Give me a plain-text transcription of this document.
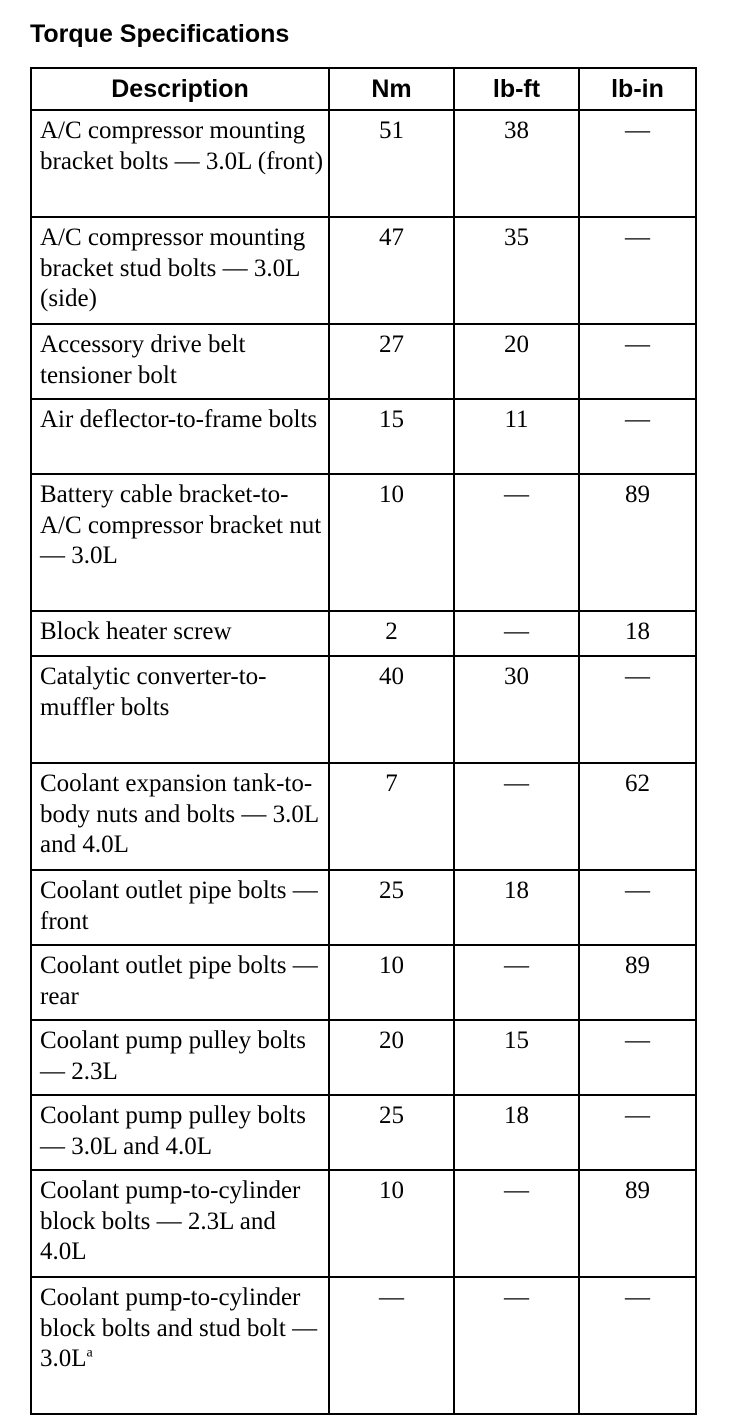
Torque Specifications
Description	Nm	lb-ft	lb-in
A/C compressor mounting bracket bolts — 3.0L (front)	51	38	—
A/C compressor mounting bracket stud bolts — 3.0L (side)	47	35	—
Accessory drive belt tensioner bolt	27	20	—
Air deflector-to-frame bolts	15	11	—
Battery cable bracket-to-A/C compressor bracket nut — 3.0L	10	—	89
Block heater screw	2	—	18
Catalytic converter-to-muffler bolts	40	30	—
Coolant expansion tank-to-body nuts and bolts — 3.0L and 4.0L	7	—	62
Coolant outlet pipe bolts — front	25	18	—
Coolant outlet pipe bolts — rear	10	—	89
Coolant pump pulley bolts — 2.3L	20	15	—
Coolant pump pulley bolts — 3.0L and 4.0L	25	18	—
Coolant pump-to-cylinder block bolts — 2.3L and 4.0L	10	—	89
Coolant pump-to-cylinder block bolts and stud bolt — 3.0L$^a$	—	—	—
